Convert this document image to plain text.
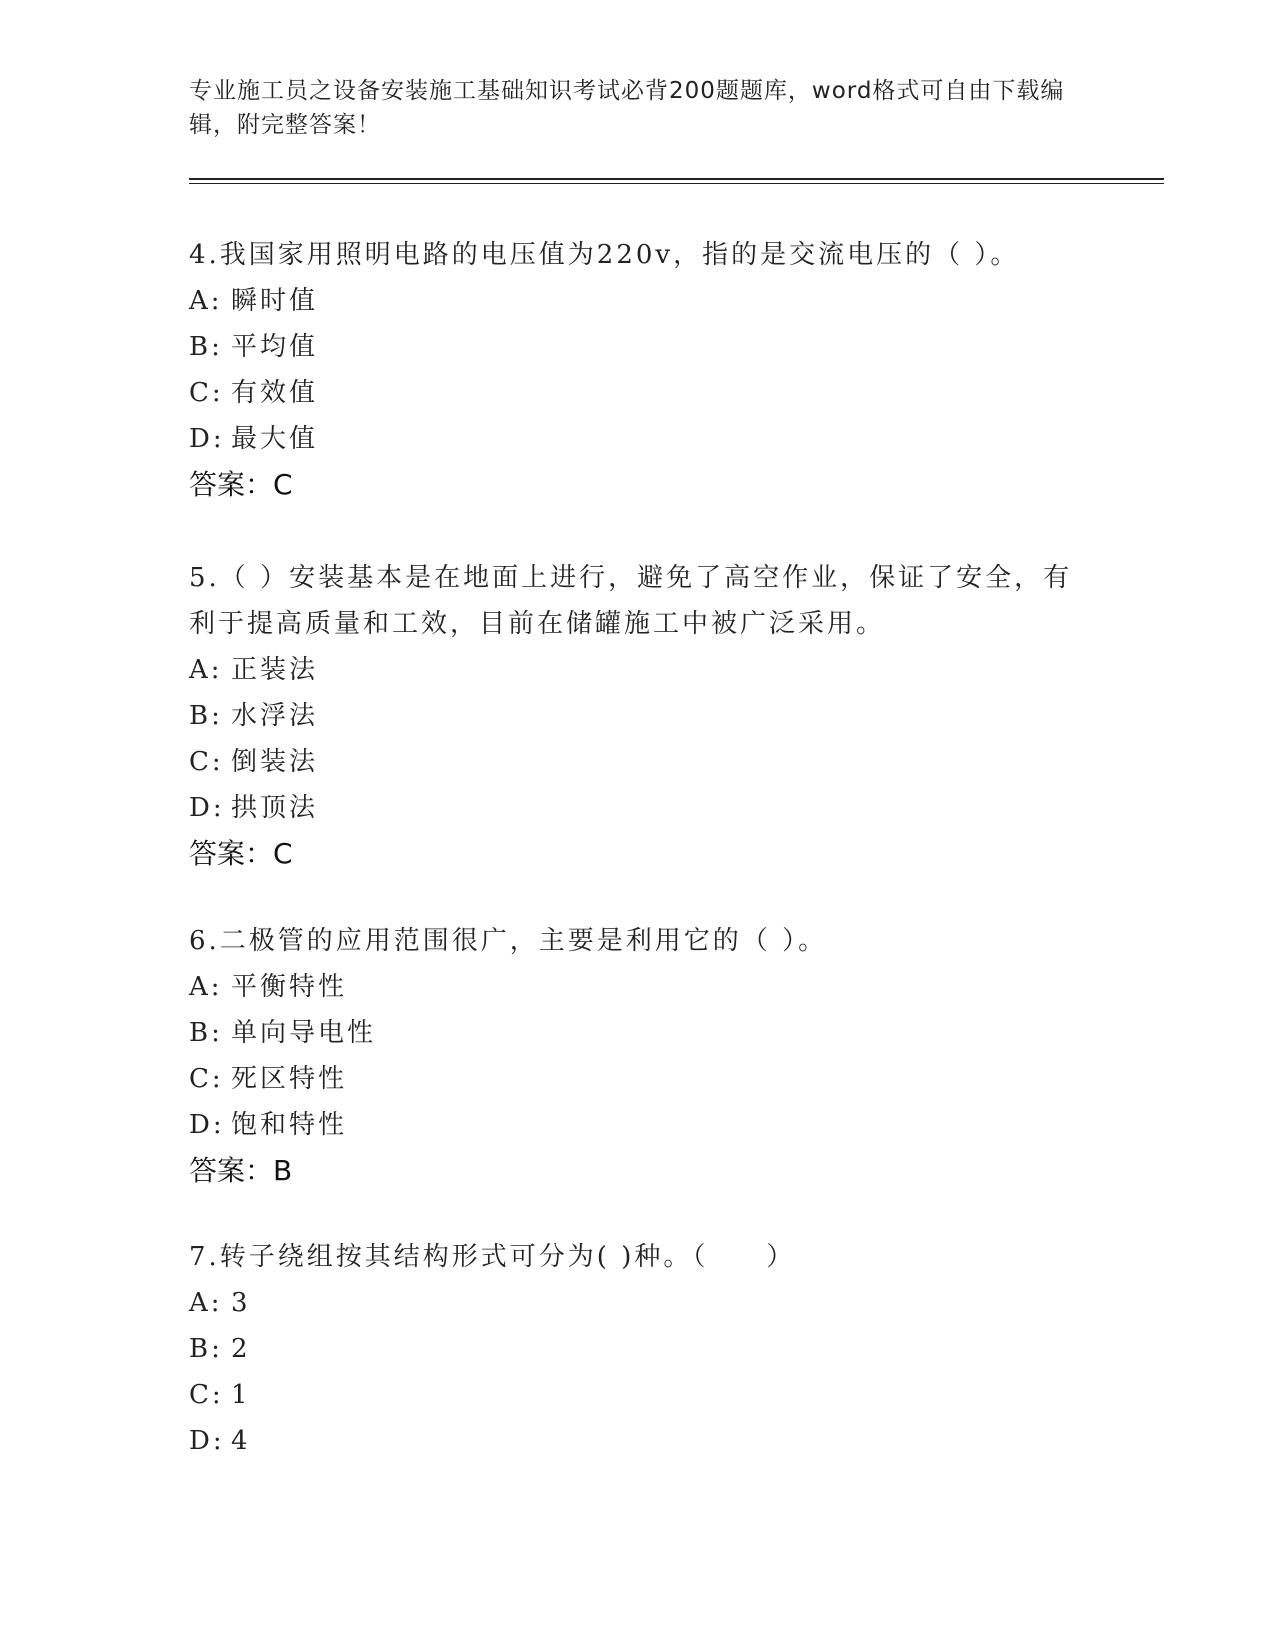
专业施工员之设备安装施工基础知识考试必背200题题库，word格式可自由下载编辑，附完整答案！

4.我国家用照明电路的电压值为220v，指的是交流电压的（ ）。

A: 瞬时值

B: 平均值

C: 有效值

D: 最大值

答案：C

5.（ ）安装基本是在地面上进行，避免了高空作业，保证了安全，有

利于提高质量和工效，目前在储罐施工中被广泛采用。

A: 正装法

B: 水浮法

C: 倒装法

D: 拱顶法

答案：C

6.二极管的应用范围很广，主要是利用它的（ ）。

A: 平衡特性

B: 单向导电性

C: 死区特性

D: 饱和特性

答案：B

7.转子绕组按其结构形式可分为( )种。（　　）

A: 3

B: 2

C: 1

D: 4
